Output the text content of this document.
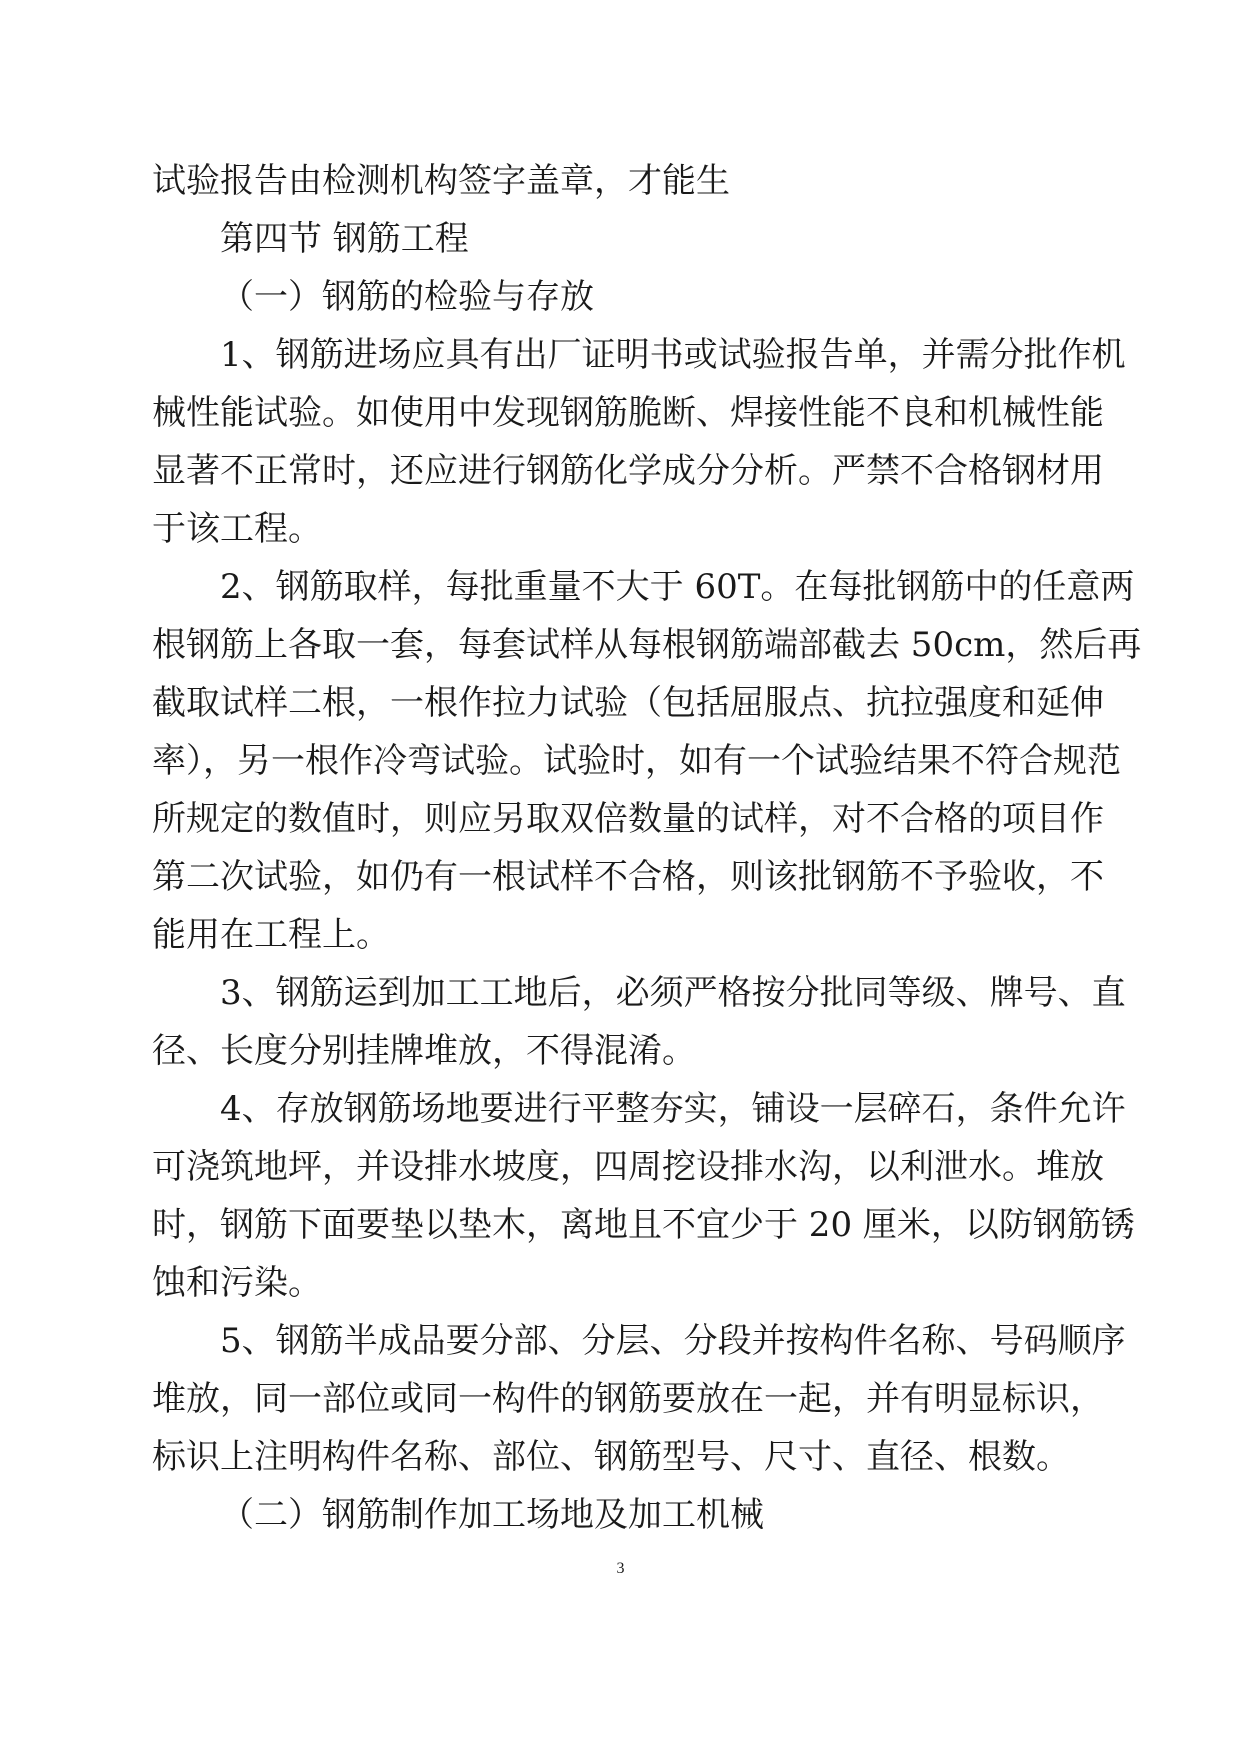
试验报告由检测机构签字盖章，才能生
第四节 钢筋工程
（一）钢筋的检验与存放
1、钢筋进场应具有出厂证明书或试验报告单，并需分批作机
械性能试验。如使用中发现钢筋脆断、焊接性能不良和机械性能
显著不正常时，还应进行钢筋化学成分分析。严禁不合格钢材用
于该工程。
2、钢筋取样，每批重量不大于 60T。在每批钢筋中的任意两
根钢筋上各取一套，每套试样从每根钢筋端部截去 50cm，然后再
截取试样二根，一根作拉力试验（包括屈服点、抗拉强度和延伸
率），另一根作冷弯试验。试验时，如有一个试验结果不符合规范
所规定的数值时，则应另取双倍数量的试样，对不合格的项目作
第二次试验，如仍有一根试样不合格，则该批钢筋不予验收，不
能用在工程上。
3、钢筋运到加工工地后，必须严格按分批同等级、牌号、直
径、长度分别挂牌堆放，不得混淆。
4、存放钢筋场地要进行平整夯实，铺设一层碎石，条件允许
可浇筑地坪，并设排水坡度，四周挖设排水沟，以利泄水。堆放
时，钢筋下面要垫以垫木，离地且不宜少于 20 厘米，以防钢筋锈
蚀和污染。
5、钢筋半成品要分部、分层、分段并按构件名称、号码顺序
堆放，同一部位或同一构件的钢筋要放在一起，并有明显标识，
标识上注明构件名称、部位、钢筋型号、尺寸、直径、根数。
（二）钢筋制作加工场地及加工机械
3
